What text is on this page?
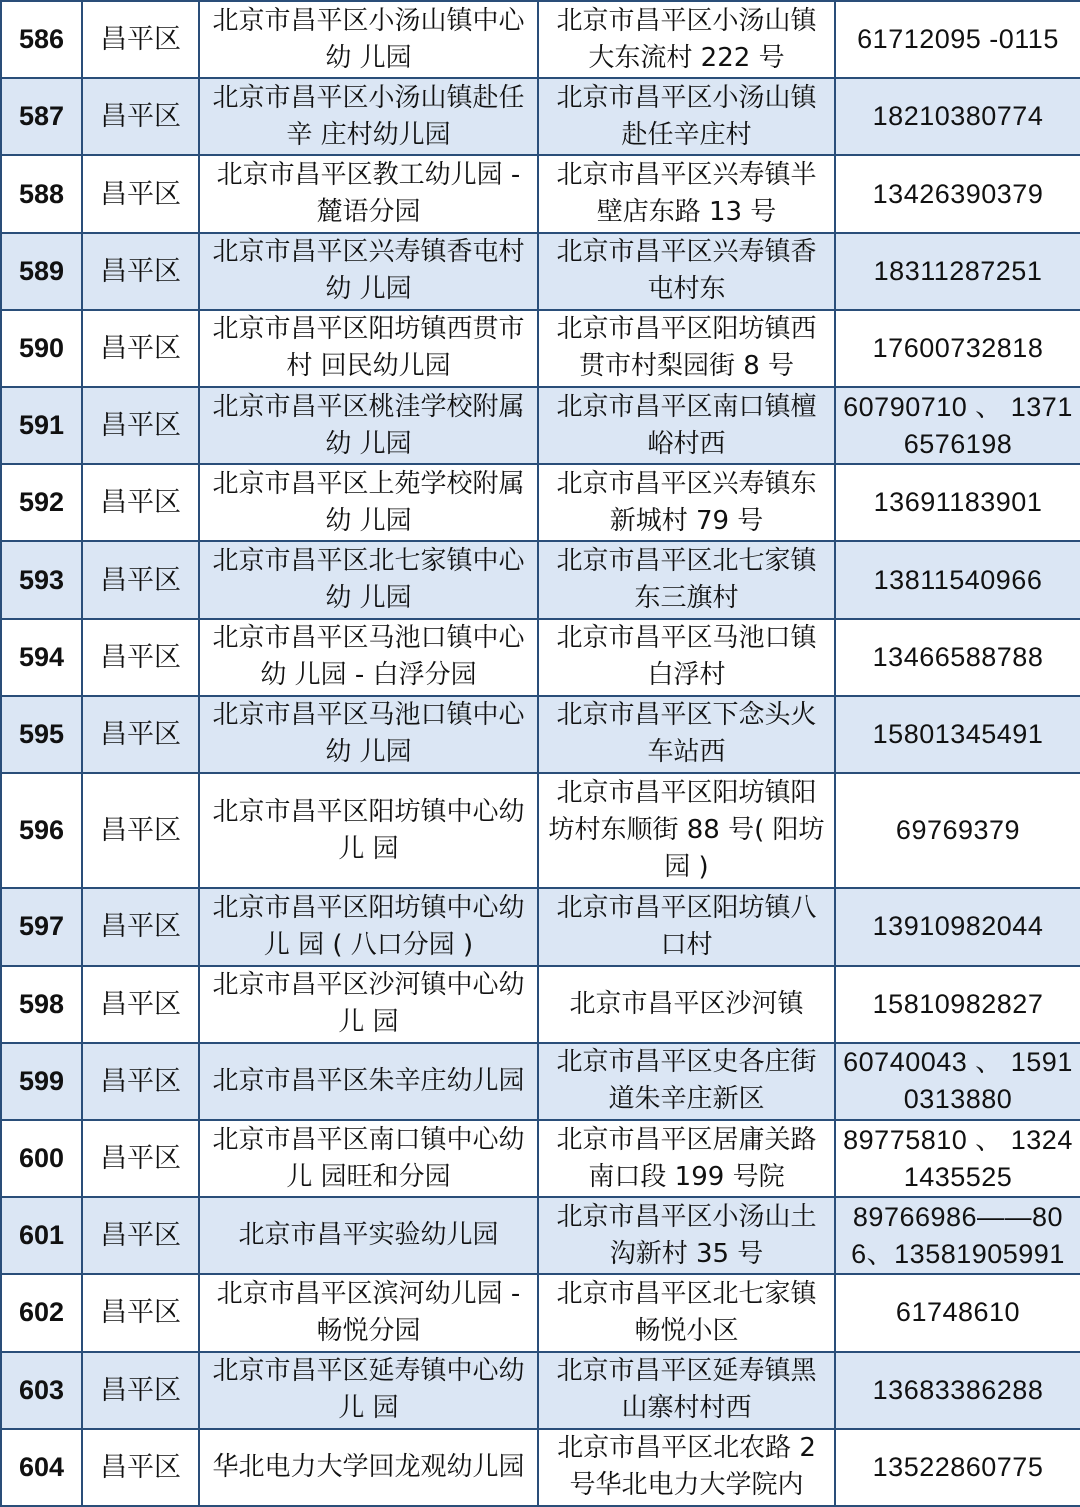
586	昌平区	北京市昌平区小汤山镇中心幼 儿园	北京市昌平区小汤山镇大东流村 222 号	61712095 -0115
587	昌平区	北京市昌平区小汤山镇赴任辛 庄村幼儿园	北京市昌平区小汤山镇赴任辛庄村	18210380774
588	昌平区	北京市昌平区教工幼儿园 - 麓语分园	北京市昌平区兴寿镇半壁店东路 13 号	13426390379
589	昌平区	北京市昌平区兴寿镇香屯村幼 儿园	北京市昌平区兴寿镇香屯村东	18311287251
590	昌平区	北京市昌平区阳坊镇西贯市村 回民幼儿园	北京市昌平区阳坊镇西贯市村梨园街 8 号	17600732818
591	昌平区	北京市昌平区桃洼学校附属幼 儿园	北京市昌平区南口镇檀峪村西	60790710 、 13716576198
592	昌平区	北京市昌平区上苑学校附属幼 儿园	北京市昌平区兴寿镇东新城村 79 号	13691183901
593	昌平区	北京市昌平区北七家镇中心幼 儿园	北京市昌平区北七家镇东三旗村	13811540966
594	昌平区	北京市昌平区马池口镇中心幼 儿园 - 白浮分园	北京市昌平区马池口镇白浮村	13466588788
595	昌平区	北京市昌平区马池口镇中心幼 儿园	北京市昌平区下念头火车站西	15801345491
596	昌平区	北京市昌平区阳坊镇中心幼儿 园	北京市昌平区阳坊镇阳坊村东顺街 88 号( 阳坊园 )	69769379
597	昌平区	北京市昌平区阳坊镇中心幼儿 园 ( 八口分园 )	北京市昌平区阳坊镇八口村	13910982044
598	昌平区	北京市昌平区沙河镇中心幼儿 园	北京市昌平区沙河镇	15810982827
599	昌平区	北京市昌平区朱辛庄幼儿园	北京市昌平区史各庄街道朱辛庄新区	60740043 、 15910313880
600	昌平区	北京市昌平区南口镇中心幼儿 园旺和分园	北京市昌平区居庸关路南口段 199 号院	89775810 、 13241435525
601	昌平区	北京市昌平实验幼儿园	北京市昌平区小汤山土沟新村 35 号	89766986——806、13581905991
602	昌平区	北京市昌平区滨河幼儿园 - 畅悦分园	北京市昌平区北七家镇畅悦小区	61748610
603	昌平区	北京市昌平区延寿镇中心幼儿 园	北京市昌平区延寿镇黑山寨村村西	13683386288
604	昌平区	华北电力大学回龙观幼儿园	北京市昌平区北农路 2 号华北电力大学院内	13522860775
